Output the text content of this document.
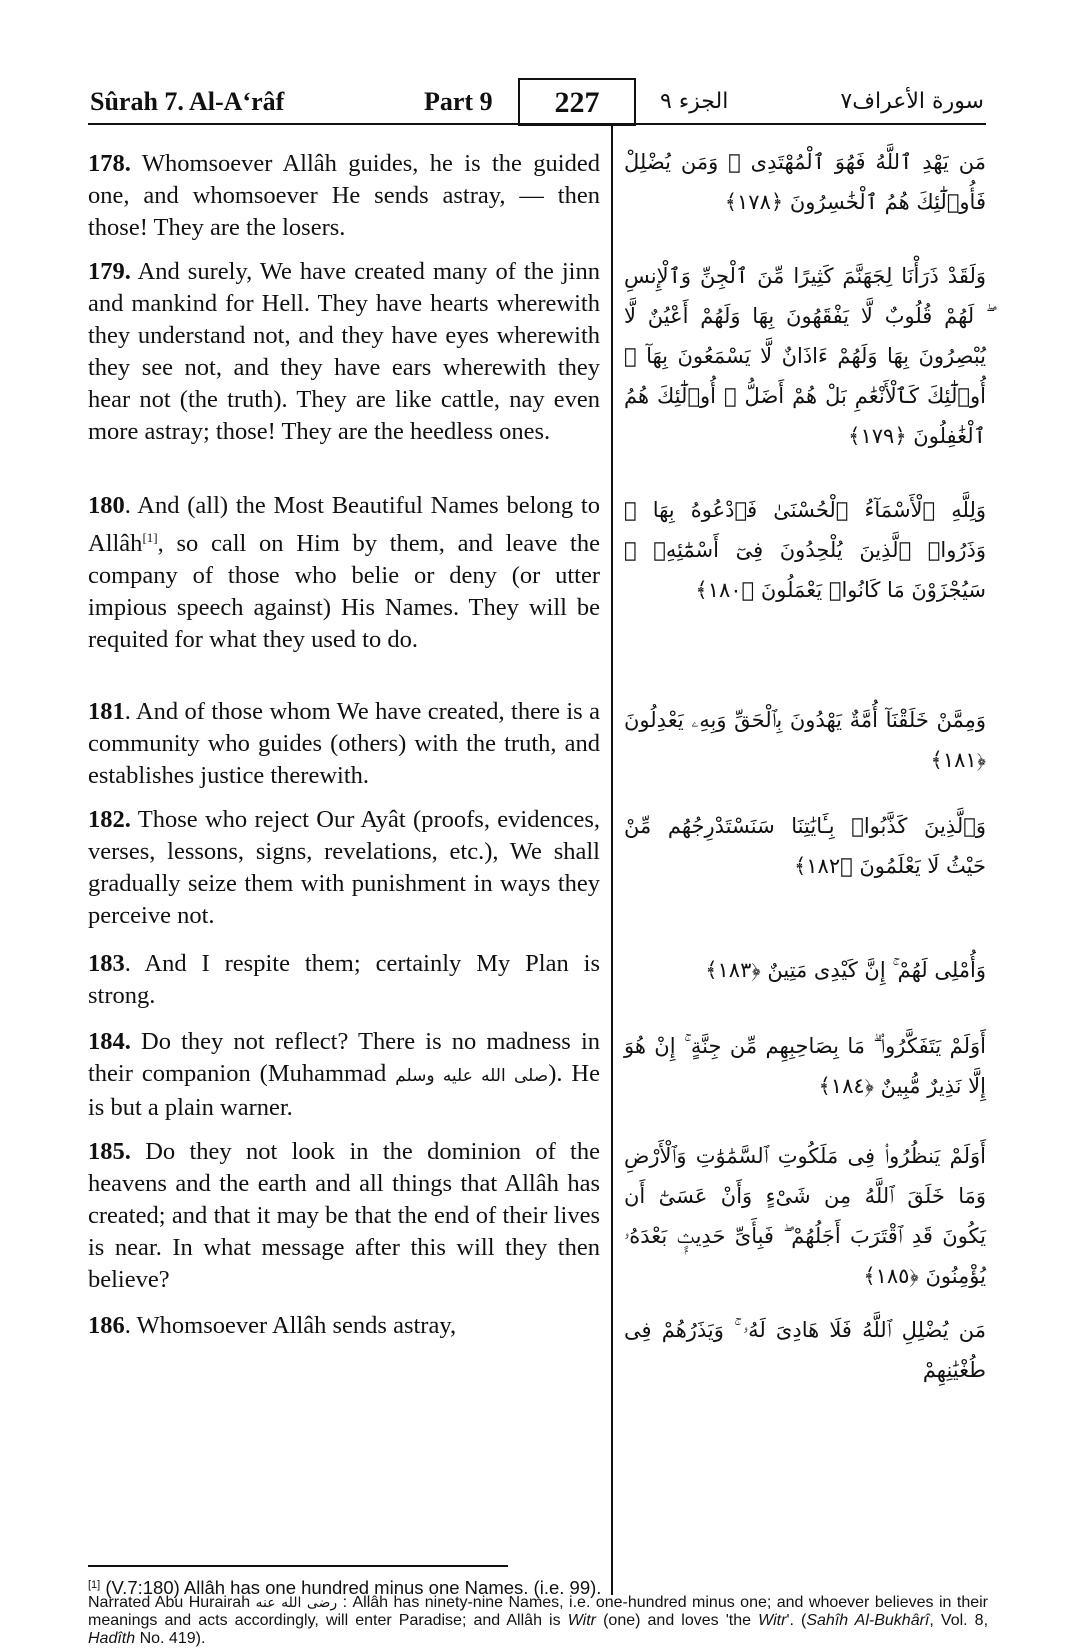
Sûrah 7. Al-A‘râf	Part 9	227	الجزء ٩	سورة الأعراف٧

178. Whomsoever Allâh guides, he is the guided one, and whomsoever He sends astray, — then those! They are the losers.

مَن يَهْدِ ٱللَّهُ فَهُوَ ٱلْمُهْتَدِى ۖ وَمَن يُضْلِلْ فَأُو۟لَٰٓئِكَ هُمُ ٱلْخَٰسِرُونَ ﴿١٧٨﴾

179. And surely, We have created many of the jinn and mankind for Hell. They have hearts wherewith they understand not, and they have eyes wherewith they see not, and they have ears wherewith they hear not (the truth). They are like cattle, nay even more astray; those! They are the heedless ones.

وَلَقَدْ ذَرَأْنَا لِجَهَنَّمَ كَثِيرًا مِّنَ ٱلْجِنِّ وَٱلْإِنسِ ۖ لَهُمْ قُلُوبٌ لَّا يَفْقَهُونَ بِهَا وَلَهُمْ أَعْيُنٌ لَّا يُبْصِرُونَ بِهَا وَلَهُمْ ءَاذَانٌ لَّا يَسْمَعُونَ بِهَآ ۚ أُو۟لَٰٓئِكَ كَٱلْأَنْعَٰمِ بَلْ هُمْ أَضَلُّ ۚ أُو۟لَٰٓئِكَ هُمُ ٱلْغَٰفِلُونَ ﴿١٧٩﴾

180. And (all) the Most Beautiful Names belong to Allâh[1], so call on Him by them, and leave the company of those who belie or deny (or utter impious speech against) His Names. They will be requited for what they used to do.

وَلِلَّهِ ٱلْأَسْمَآءُ ٱلْحُسْنَىٰ فَٱدْعُوهُ بِهَا ۖ وَذَرُوا۟ ٱلَّذِينَ يُلْحِدُونَ فِىٓ أَسْمَٰٓئِهِۦ ۚ سَيُجْزَوْنَ مَا كَانُوا۟ يَعْمَلُونَ ﴿١٨٠﴾

181. And of those whom We have created, there is a community who guides (others) with the truth, and establishes justice therewith.

وَمِمَّنْ خَلَقْنَآ أُمَّةٌ يَهْدُونَ بِٱلْحَقِّ وَبِهِۦ يَعْدِلُونَ ﴿١٨١﴾

182. Those who reject Our Ayât (proofs, evidences, verses, lessons, signs, revelations, etc.), We shall gradually seize them with punishment in ways they perceive not.

وَٱلَّذِينَ كَذَّبُوا۟ بِـَٔايَٰتِنَا سَنَسْتَدْرِجُهُم مِّنْ حَيْثُ لَا يَعْلَمُونَ ﴿١٨٢﴾

183. And I respite them; certainly My Plan is strong.

وَأُمْلِى لَهُمْ ۚ إِنَّ كَيْدِى مَتِينٌ ﴿١٨٣﴾

184. Do they not reflect? There is no madness in their companion (Muhammad صلى الله عليه وسلم). He is but a plain warner.

أَوَلَمْ يَتَفَكَّرُوا۟ ۗ مَا بِصَاحِبِهِم مِّن جِنَّةٍ ۚ إِنْ هُوَ إِلَّا نَذِيرٌ مُّبِينٌ ﴿١٨٤﴾

185. Do they not look in the dominion of the heavens and the earth and all things that Allâh has created; and that it may be that the end of their lives is near. In what message after this will they then believe?

أَوَلَمْ يَنظُرُوا۟ فِى مَلَكُوتِ ٱلسَّمَٰوَٰتِ وَٱلْأَرْضِ وَمَا خَلَقَ ٱللَّهُ مِن شَىْءٍ وَأَنْ عَسَىٰٓ أَن يَكُونَ قَدِ ٱقْتَرَبَ أَجَلُهُمْ ۖ فَبِأَىِّ حَدِيثٍۭ بَعْدَهُۥ يُؤْمِنُونَ ﴿١٨٥﴾

186. Whomsoever Allâh sends astray,	مَن يُضْلِلِ ٱللَّهُ فَلَا هَادِىَ لَهُۥ ۚ وَيَذَرُهُمْ فِى طُغْيَٰنِهِمْ

[1] (V.7:180) Allâh has one hundred minus one Names. (i.e. 99).

Narrated Abu Hurairah رضى الله عنه : Allâh has ninety-nine Names, i.e. one-hundred minus one; and whoever believes in their meanings and acts accordingly, will enter Paradise; and Allâh is Witr (one) and loves 'the Witr'. (Sahîh Al-Bukhârî, Vol. 8, Hadîth No. 419).
